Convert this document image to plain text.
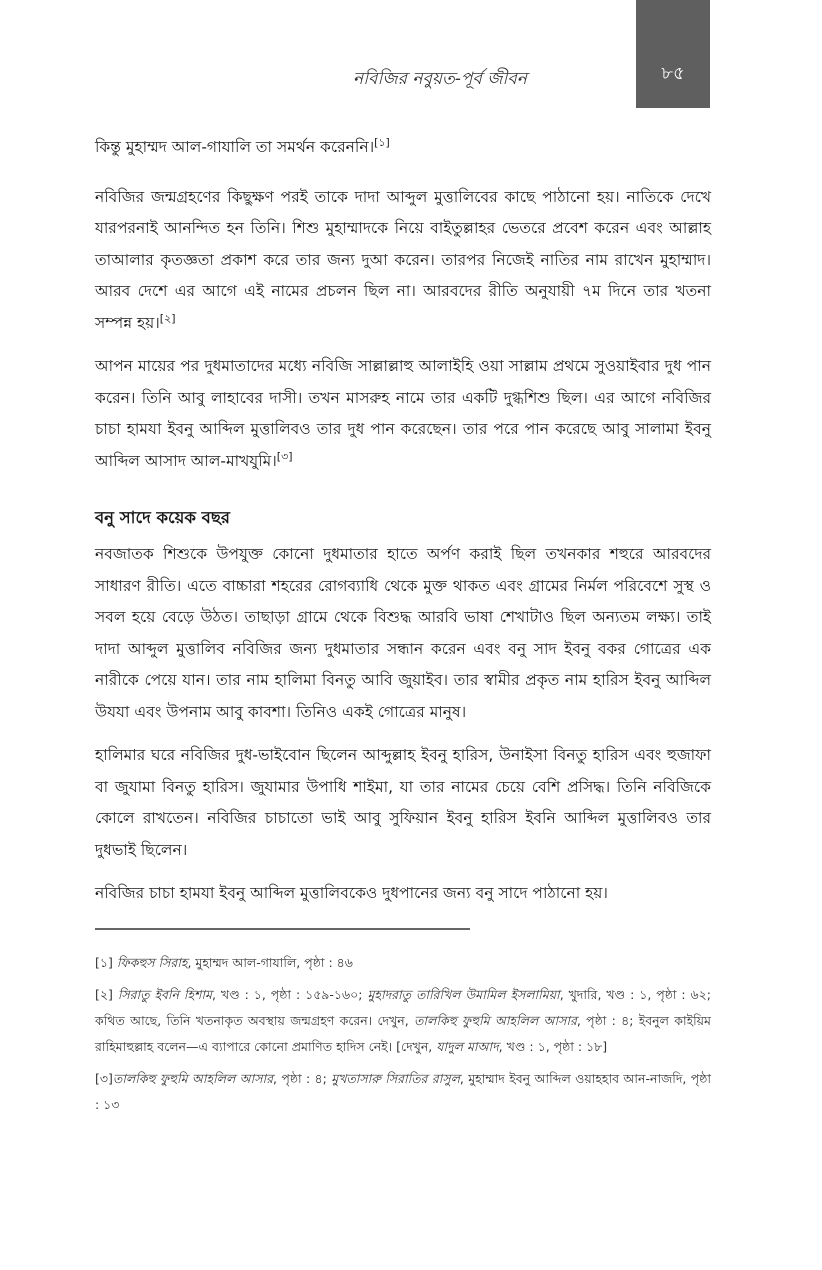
নবিজির নবুয়ত-পূর্ব জীবন	৮৫

কিন্তু মুহাম্মদ আল-গাযালি তা সমর্থন করেননি।[১]

নবিজির জন্মগ্রহণের কিছুক্ষণ পরই তাকে দাদা আব্দুল মুত্তালিবের কাছে পাঠানো হয়। নাতিকে দেখে যারপরনাই আনন্দিত হন তিনি। শিশু মুহাম্মাদকে নিয়ে বাইতুল্লাহর ভেতরে প্রবেশ করেন এবং আল্লাহ তাআলার কৃতজ্ঞতা প্রকাশ করে তার জন্য দুআ করেন। তারপর নিজেই নাতির নাম রাখেন মুহাম্মাদ। আরব দেশে এর আগে এই নামের প্রচলন ছিল না। আরবদের রীতি অনুযায়ী ৭ম দিনে তার খতনা সম্পন্ন হয়।[২]

আপন মায়ের পর দুধমাতাদের মধ্যে নবিজি সাল্লাল্লাহু আলাইহি ওয়া সাল্লাম প্রথমে সুওয়াইবার দুধ পান করেন। তিনি আবু লাহাবের দাসী। তখন মাসরুহ নামে তার একটি দুগ্ধশিশু ছিল। এর আগে নবিজির চাচা হামযা ইবনু আব্দিল মুত্তালিবও তার দুধ পান করেছেন। তার পরে পান করেছে আবু সালামা ইবনু আব্দিল আসাদ আল-মাখযুমি।[৩]

বনু সাদে কয়েক বছর

নবজাতক শিশুকে উপযুক্ত কোনো দুধমাতার হাতে অর্পণ করাই ছিল তখনকার শহুরে আরবদের সাধারণ রীতি। এতে বাচ্চারা শহরের রোগব্যাধি থেকে মুক্ত থাকত এবং গ্রামের নির্মল পরিবেশে সুস্থ ও সবল হয়ে বেড়ে উঠত। তাছাড়া গ্রামে থেকে বিশুদ্ধ আরবি ভাষা শেখাটাও ছিল অন্যতম লক্ষ্য। তাই দাদা আব্দুল মুত্তালিব নবিজির জন্য দুধমাতার সন্ধান করেন এবং বনু সাদ ইবনু বকর গোত্রের এক নারীকে পেয়ে যান। তার নাম হালিমা বিনতু আবি জুয়াইব। তার স্বামীর প্রকৃত নাম হারিস ইবনু আব্দিল উযযা এবং উপনাম আবু কাবশা। তিনিও একই গোত্রের মানুষ।

হালিমার ঘরে নবিজির দুধ-ভাইবোন ছিলেন আব্দুল্লাহ ইবনু হারিস, উনাইসা বিনতু হারিস এবং হুজাফা বা জুযামা বিনতু হারিস। জুযামার উপাধি শাইমা, যা তার নামের চেয়ে বেশি প্রসিদ্ধ। তিনি নবিজিকে কোলে রাখতেন। নবিজির চাচাতো ভাই আবু সুফিয়ান ইবনু হারিস ইবনি আব্দিল মুত্তালিবও তার দুধভাই ছিলেন।

নবিজির চাচা হামযা ইবনু আব্দিল মুত্তালিবকেও দুধপানের জন্য বনু সাদে পাঠানো হয়।

[১] ফিকহুস সিরাহ, মুহাম্মদ আল-গাযালি, পৃষ্ঠা : ৪৬

[২] সিরাতু ইবনি হিশাম, খণ্ড : ১, পৃষ্ঠা : ১৫৯-১৬০; মুহাদরাতু তারিখিল উমামিল ইসলামিয়া, খুদারি, খণ্ড : ১, পৃষ্ঠা : ৬২; কথিত আছে, তিনি খতনাকৃত অবস্থায় জন্মগ্রহণ করেন। দেখুন, তালকিহু ফুহুমি আহলিল আসার, পৃষ্ঠা : ৪; ইবনুল কাইয়িম রাহিমাহুল্লাহ বলেন—এ ব্যাপারে কোনো প্রমাণিত হাদিস নেই। [দেখুন, যাদুল মাআদ, খণ্ড : ১, পৃষ্ঠা : ১৮]

[৩]তালকিহু ফুহুমি আহলিল আসার, পৃষ্ঠা : ৪; মুখতাসারু সিরাতির রাসুল, মুহাম্মাদ ইবনু আব্দিল ওয়াহহাব আন-নাজদি, পৃষ্ঠা : ১৩
